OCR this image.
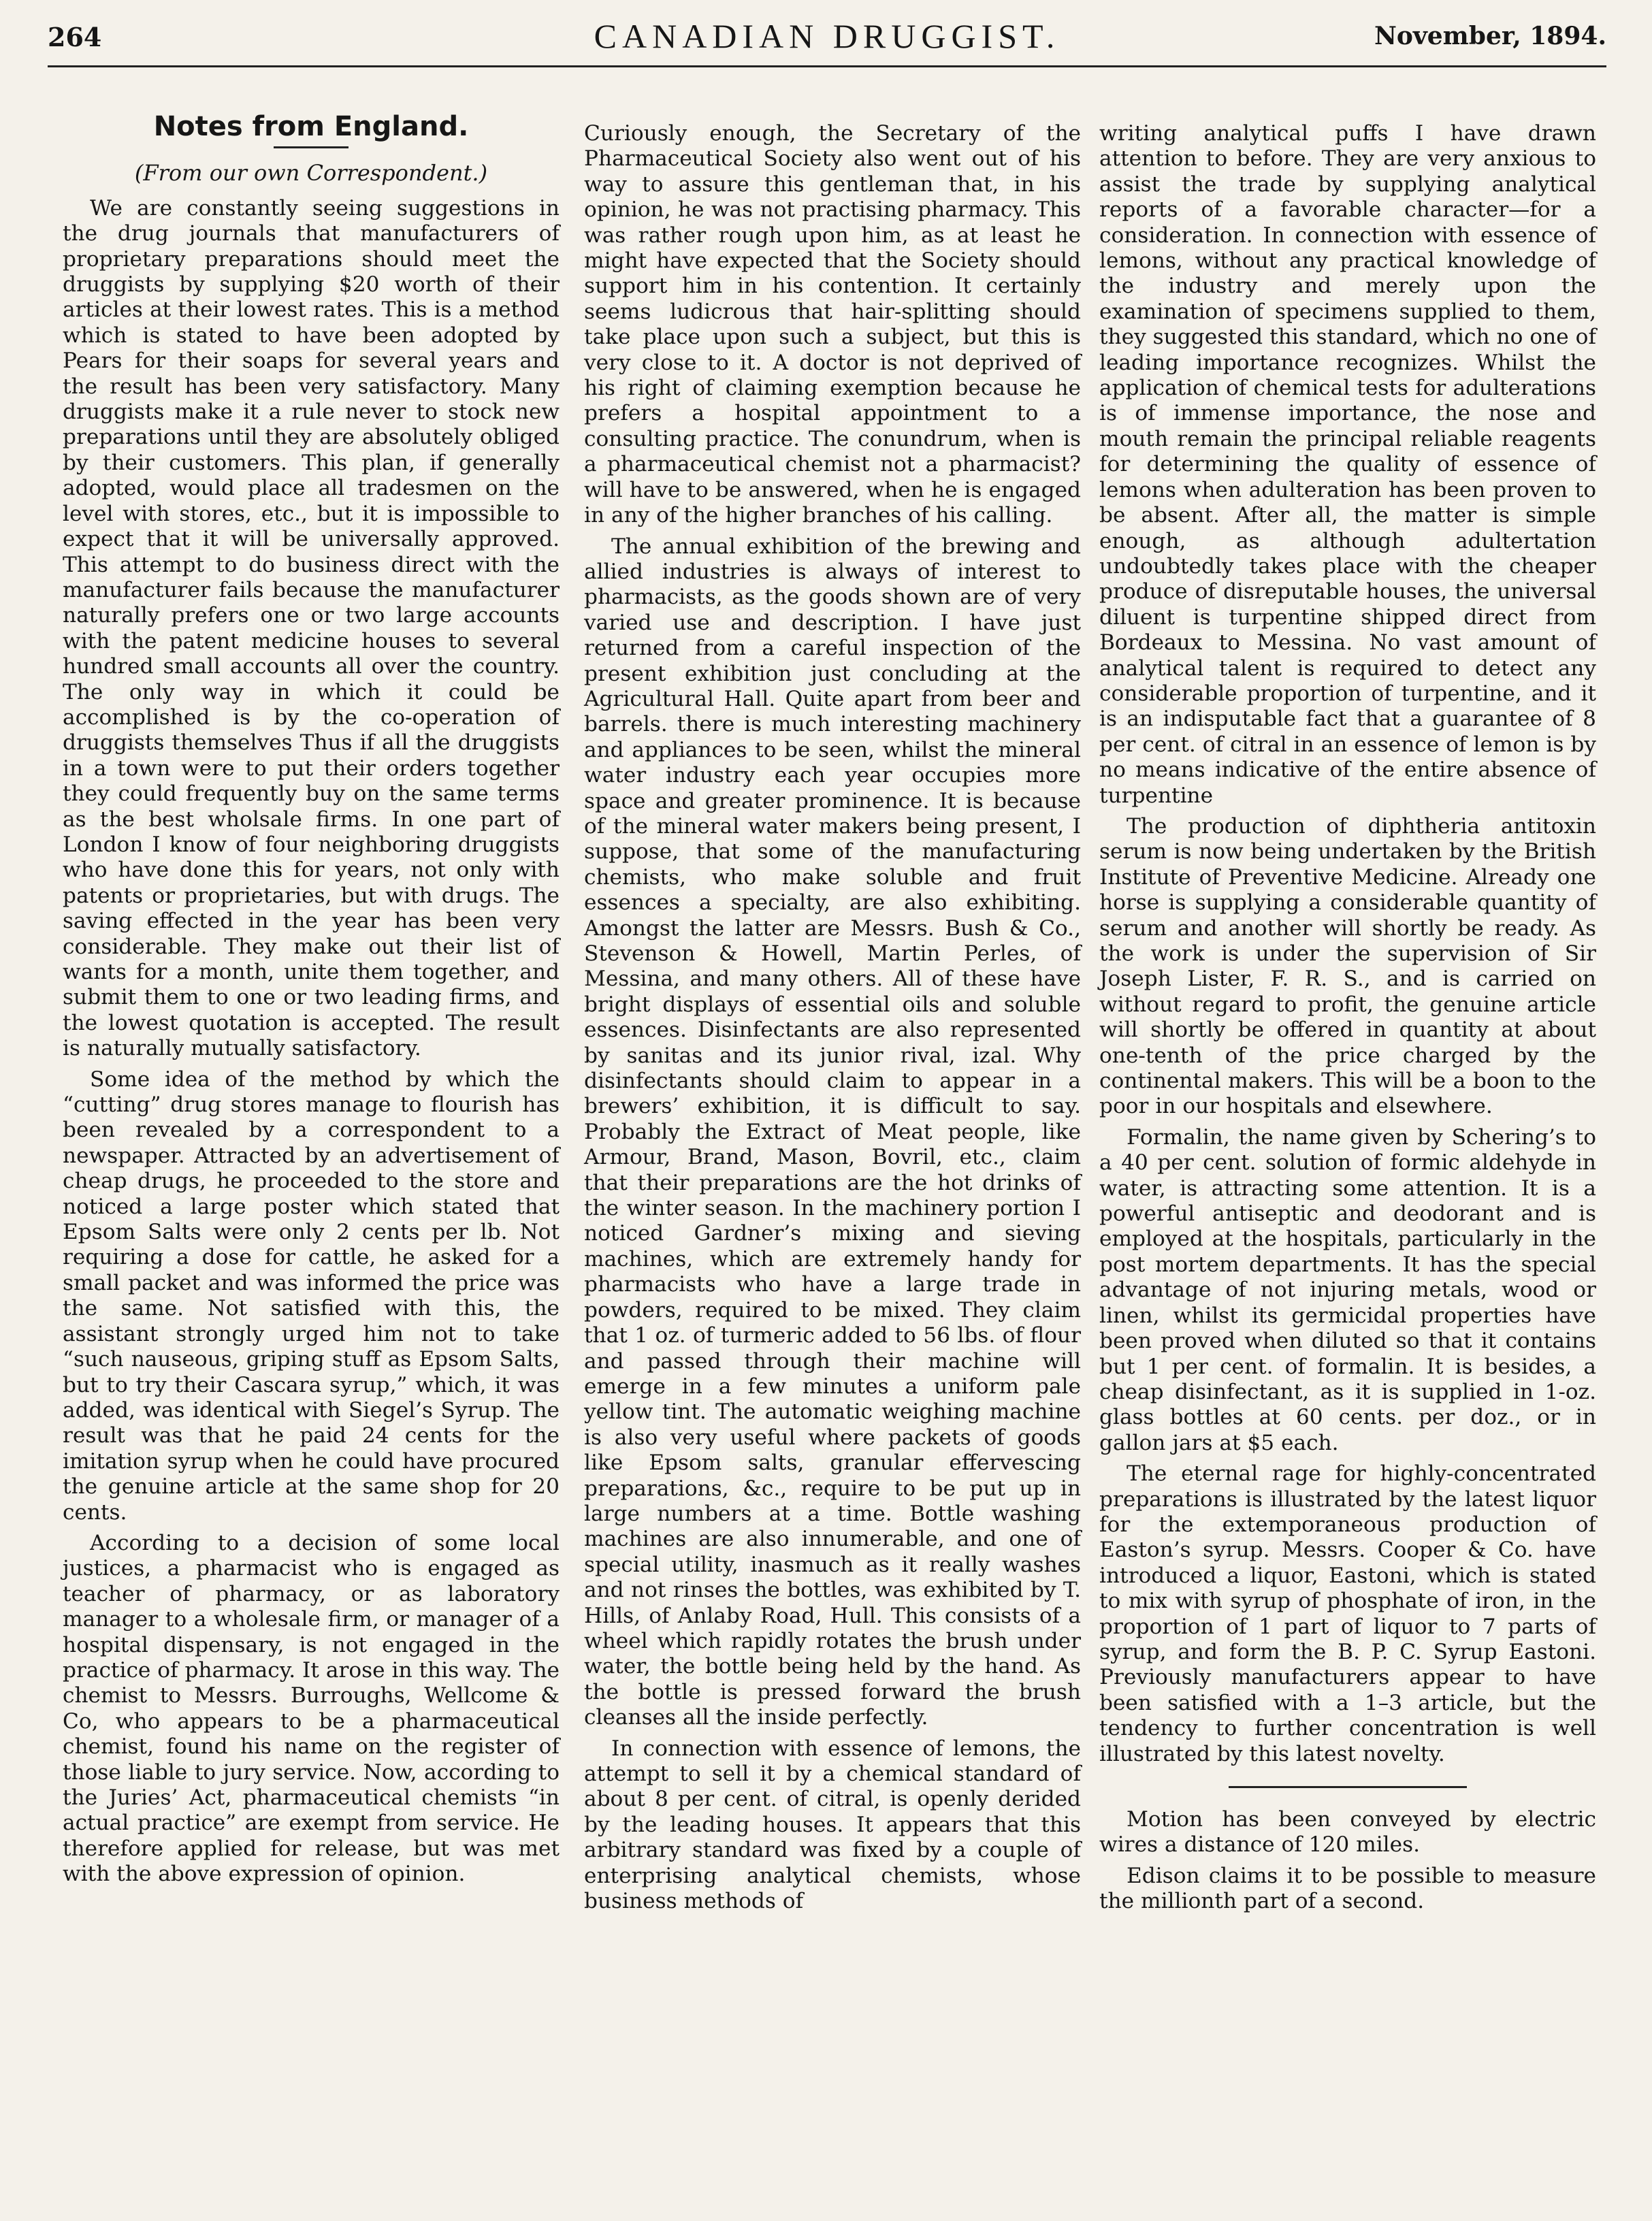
264	CANADIAN DRUGGIST.	November, 1894.
Notes from England.
(From our own Correspondent.)

We are constantly seeing suggestions in the drug journals that manufacturers of proprietary preparations should meet the druggists by supplying $20 worth of their articles at their lowest rates. This is a method which is stated to have been adopted by Pears for their soaps for several years and the result has been very satisfactory. Many druggists make it a rule never to stock new preparations until they are absolutely obliged by their customers. This plan, if generally adopted, would place all tradesmen on the level with stores, etc., but it is impossible to expect that it will be universally approved. This attempt to do business direct with the manufacturer fails because the manufacturer naturally prefers one or two large accounts with the patent medicine houses to several hundred small accounts all over the country. The only way in which it could be accomplished is by the co-operation of druggists themselves Thus if all the druggists in a town were to put their orders together they could frequently buy on the same terms as the best wholsale firms. In one part of London I know of four neighboring druggists who have done this for years, not only with patents or proprietaries, but with drugs. The saving effected in the year has been very considerable. They make out their list of wants for a month, unite them together, and submit them to one or two leading firms, and the lowest quotation is accepted. The result is naturally mutually satisfactory.

Some idea of the method by which the “cutting” drug stores manage to flourish has been revealed by a correspondent to a newspaper. Attracted by an advertisement of cheap drugs, he proceeded to the store and noticed a large poster which stated that Epsom Salts were only 2 cents per lb. Not requiring a dose for cattle, he asked for a small packet and was informed the price was the same. Not satisfied with this, the assistant strongly urged him not to take “such nauseous, griping stuff as Epsom Salts, but to try their Cascara syrup,” which, it was added, was identical with Siegel’s Syrup. The result was that he paid 24 cents for the imitation syrup when he could have procured the genuine article at the same shop for 20 cents.

According to a decision of some local justices, a pharmacist who is engaged as teacher of pharmacy, or as laboratory manager to a wholesale firm, or manager of a hospital dispensary, is not engaged in the practice of pharmacy. It arose in this way. The chemist to Messrs. Burroughs, Wellcome & Co, who appears to be a pharmaceutical chemist, found his name on the register of those liable to jury service. Now, according to the Juries’ Act, pharmaceutical chemists “in actual practice” are exempt from service. He therefore applied for release, but was met with the above expression of opinion.

Curiously enough, the Secretary of the Pharmaceutical Society also went out of his way to assure this gentleman that, in his opinion, he was not practising pharmacy. This was rather rough upon him, as at least he might have expected that the Society should support him in his contention. It certainly seems ludicrous that hair-splitting should take place upon such a subject, but this is very close to it. A doctor is not deprived of his right of claiming exemption because he prefers a hospital appointment to a consulting practice. The conundrum, when is a pharmaceutical chemist not a pharmacist? will have to be answered, when he is engaged in any of the higher branches of his calling.

The annual exhibition of the brewing and allied industries is always of interest to pharmacists, as the goods shown are of very varied use and description. I have just returned from a careful inspection of the present exhibition just concluding at the Agricultural Hall. Quite apart from beer and barrels. there is much interesting machinery and appliances to be seen, whilst the mineral water industry each year occupies more space and greater prominence. It is because of the mineral water makers being present, I suppose, that some of the manufacturing chemists, who make soluble and fruit essences a specialty, are also exhibiting. Amongst the latter are Messrs. Bush & Co., Stevenson & Howell, Martin Perles, of Messina, and many others. All of these have bright displays of essential oils and soluble essences. Disinfectants are also represented by sanitas and its junior rival, izal. Why disinfectants should claim to appear in a brewers’ exhibition, it is difficult to say. Probably the Extract of Meat people, like Armour, Brand, Mason, Bovril, etc., claim that their preparations are the hot drinks of the winter season. In the machinery portion I noticed Gardner’s mixing and sieving machines, which are extremely handy for pharmacists who have a large trade in powders, required to be mixed. They claim that 1 oz. of turmeric added to 56 lbs. of flour and passed through their machine will emerge in a few minutes a uniform pale yellow tint. The automatic weighing machine is also very useful where packets of goods like Epsom salts, granular effervescing preparations, &c., require to be put up in large numbers at a time. Bottle washing machines are also innumerable, and one of special utility, inasmuch as it really washes and not rinses the bottles, was exhibited by T. Hills, of Anlaby Road, Hull. This consists of a wheel which rapidly rotates the brush under water, the bottle being held by the hand. As the bottle is pressed forward the brush cleanses all the inside perfectly.

In connection with essence of lemons, the attempt to sell it by a chemical standard of about 8 per cent. of citral, is openly derided by the leading houses. It appears that this arbitrary standard was fixed by a couple of enterprising analytical chemists, whose business methods of

writing analytical puffs I have drawn attention to before. They are very anxious to assist the trade by supplying analytical reports of a favorable character—for a consideration. In connection with essence of lemons, without any practical knowledge of the industry and merely upon the examination of specimens supplied to them, they suggested this standard, which no one of leading importance recognizes. Whilst the application of chemical tests for adulterations is of immense importance, the nose and mouth remain the principal reliable reagents for determining the quality of essence of lemons when adulteration has been proven to be absent. After all, the matter is simple enough, as although adultertation undoubtedly takes place with the cheaper produce of disreputable houses, the universal diluent is turpentine shipped direct from Bordeaux to Messina. No vast amount of analytical talent is required to detect any considerable proportion of turpentine, and it is an indisputable fact that a guarantee of 8 per cent. of citral in an essence of lemon is by no means indicative of the entire absence of turpentine

The production of diphtheria antitoxin serum is now being undertaken by the British Institute of Preventive Medicine. Already one horse is supplying a considerable quantity of serum and another will shortly be ready. As the work is under the supervision of Sir Joseph Lister, F. R. S., and is carried on without regard to profit, the genuine article will shortly be offered in quantity at about one-tenth of the price charged by the continental makers. This will be a boon to the poor in our hospitals and elsewhere.

Formalin, the name given by Schering’s to a 40 per cent. solution of formic aldehyde in water, is attracting some attention. It is a powerful antiseptic and deodorant and is employed at the hospitals, particularly in the post mortem departments. It has the special advantage of not injuring metals, wood or linen, whilst its germicidal properties have been proved when diluted so that it contains but 1 per cent. of formalin. It is besides, a cheap disinfectant, as it is supplied in 1-oz. glass bottles at 60 cents. per doz., or in gallon jars at $5 each.

The eternal rage for highly-concentrated preparations is illustrated by the latest liquor for the extemporaneous production of Easton’s syrup. Messrs. Cooper & Co. have introduced a liquor, Eastoni, which is stated to mix with syrup of phosphate of iron, in the proportion of 1 part of liquor to 7 parts of syrup, and form the B. P. C. Syrup Eastoni. Previously manufacturers appear to have been satisfied with a 1–3 article, but the tendency to further concentration is well illustrated by this latest novelty.

Motion has been conveyed by electric wires a distance of 120 miles.

Edison claims it to be possible to measure the millionth part of a second.
